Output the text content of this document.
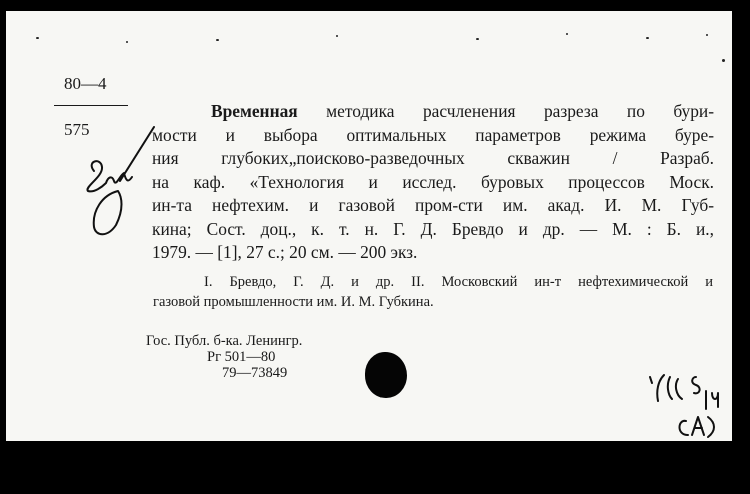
80—4
575
Временная методика расчленения разреза по бури-
мости и выбора оптимальных параметров режима буре-
ния глубоких„поисково-разведочных скважин / Разраб.
на каф. «Технология и исслед. буровых процессов Моск.
ин-та нефтехим. и газовой пром-сти им. акад. И. М. Губ-
кина; Сост. доц., к. т. н. Г. Д. Бревдо и др. — М. : Б. и.,
1979. — [1], 27 с.; 20 см. — 200 экз.
I. Бревдо, Г. Д. и др. II. Московский ин-т нефтехимической и
газовой промышленности им. И. М. Губкина.
Гос. Публ. б-ка. Ленингр.
Рг 501—80
79—73849
